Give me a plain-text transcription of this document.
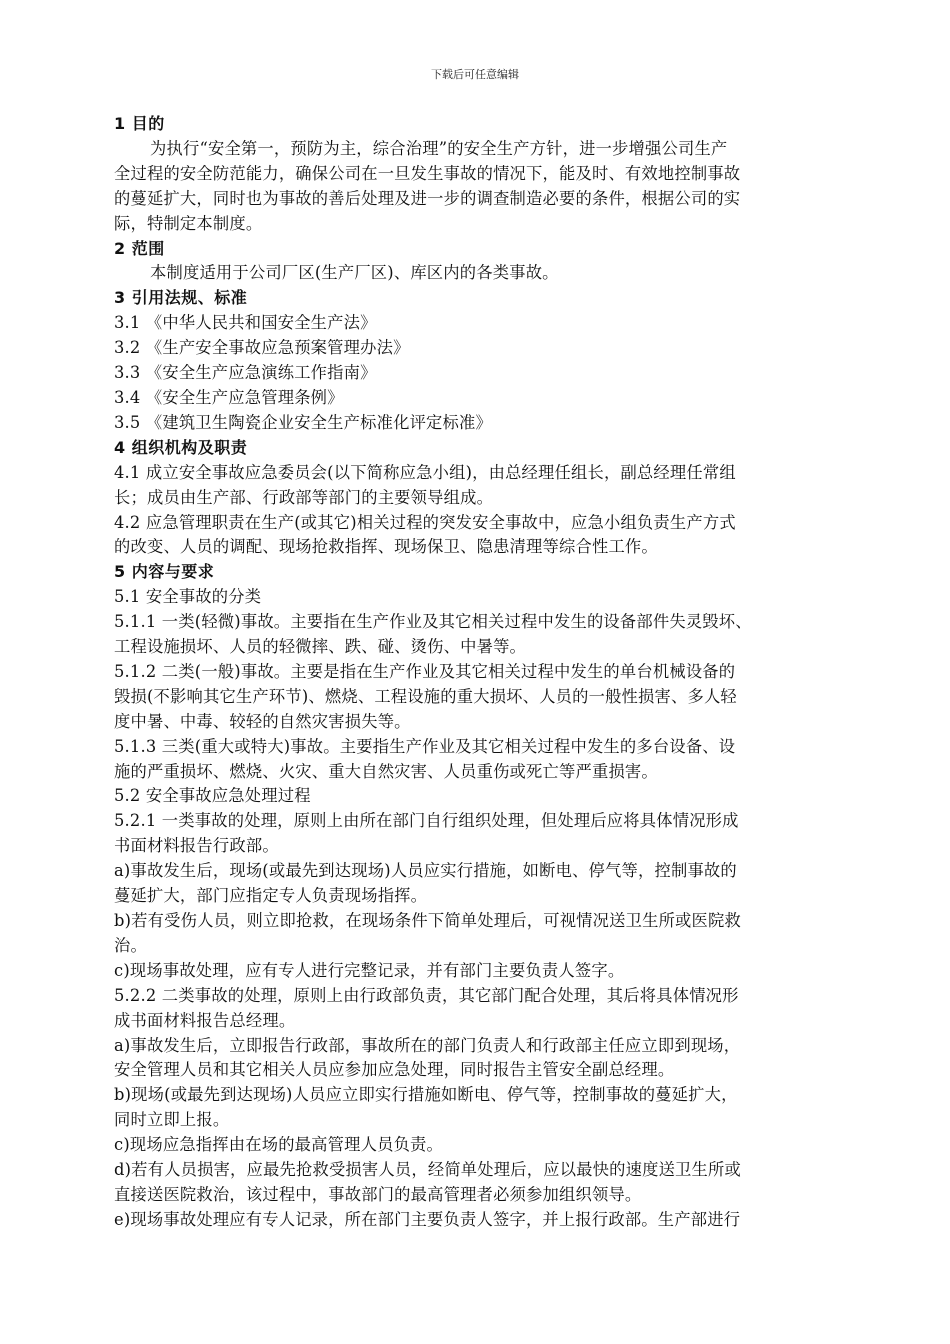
下载后可任意编辑
1 目的
为执行“安全第一，预防为主，综合治理”的安全生产方针，进一步增强公司生产
全过程的安全防范能力，确保公司在一旦发生事故的情况下，能及时、有效地控制事故
的蔓延扩大，同时也为事故的善后处理及进一步的调查制造必要的条件，根据公司的实
际，特制定本制度。
2 范围
本制度适用于公司厂区(生产厂区)、库区内的各类事故。
3 引用法规、标准
3.1 《中华人民共和国安全生产法》
3.2 《生产安全事故应急预案管理办法》
3.3 《安全生产应急演练工作指南》
3.4 《安全生产应急管理条例》
3.5 《建筑卫生陶瓷企业安全生产标准化评定标准》
4 组织机构及职责
4.1 成立安全事故应急委员会(以下简称应急小组)，由总经理任组长，副总经理任常组
长；成员由生产部、行政部等部门的主要领导组成。
4.2 应急管理职责在生产(或其它)相关过程的突发安全事故中，应急小组负责生产方式
的改变、人员的调配、现场抢救指挥、现场保卫、隐患清理等综合性工作。
5 内容与要求
5.1 安全事故的分类
5.1.1 一类(轻微)事故。主要指在生产作业及其它相关过程中发生的设备部件失灵毁坏、
工程设施损坏、人员的轻微摔、跌、碰、烫伤、中暑等。
5.1.2 二类(一般)事故。主要是指在生产作业及其它相关过程中发生的单台机械设备的
毁损(不影响其它生产环节)、燃烧、工程设施的重大损坏、人员的一般性损害、多人轻
度中暑、中毒、较轻的自然灾害损失等。
5.1.3 三类(重大或特大)事故。主要指生产作业及其它相关过程中发生的多台设备、设
施的严重损坏、燃烧、火灾、重大自然灾害、人员重伤或死亡等严重损害。
5.2 安全事故应急处理过程
5.2.1 一类事故的处理，原则上由所在部门自行组织处理，但处理后应将具体情况形成
书面材料报告行政部。
a)事故发生后，现场(或最先到达现场)人员应实行措施，如断电、停气等，控制事故的
蔓延扩大，部门应指定专人负责现场指挥。
b)若有受伤人员，则立即抢救，在现场条件下简单处理后，可视情况送卫生所或医院救
治。
c)现场事故处理，应有专人进行完整记录，并有部门主要负责人签字。
5.2.2 二类事故的处理，原则上由行政部负责，其它部门配合处理，其后将具体情况形
成书面材料报告总经理。
a)事故发生后，立即报告行政部，事故所在的部门负责人和行政部主任应立即到现场，
安全管理人员和其它相关人员应参加应急处理，同时报告主管安全副总经理。
b)现场(或最先到达现场)人员应立即实行措施如断电、停气等，控制事故的蔓延扩大，
同时立即上报。
c)现场应急指挥由在场的最高管理人员负责。
d)若有人员损害，应最先抢救受损害人员，经简单处理后，应以最快的速度送卫生所或
直接送医院救治，该过程中，事故部门的最高管理者必须参加组织领导。
e)现场事故处理应有专人记录，所在部门主要负责人签字，并上报行政部。生产部进行
